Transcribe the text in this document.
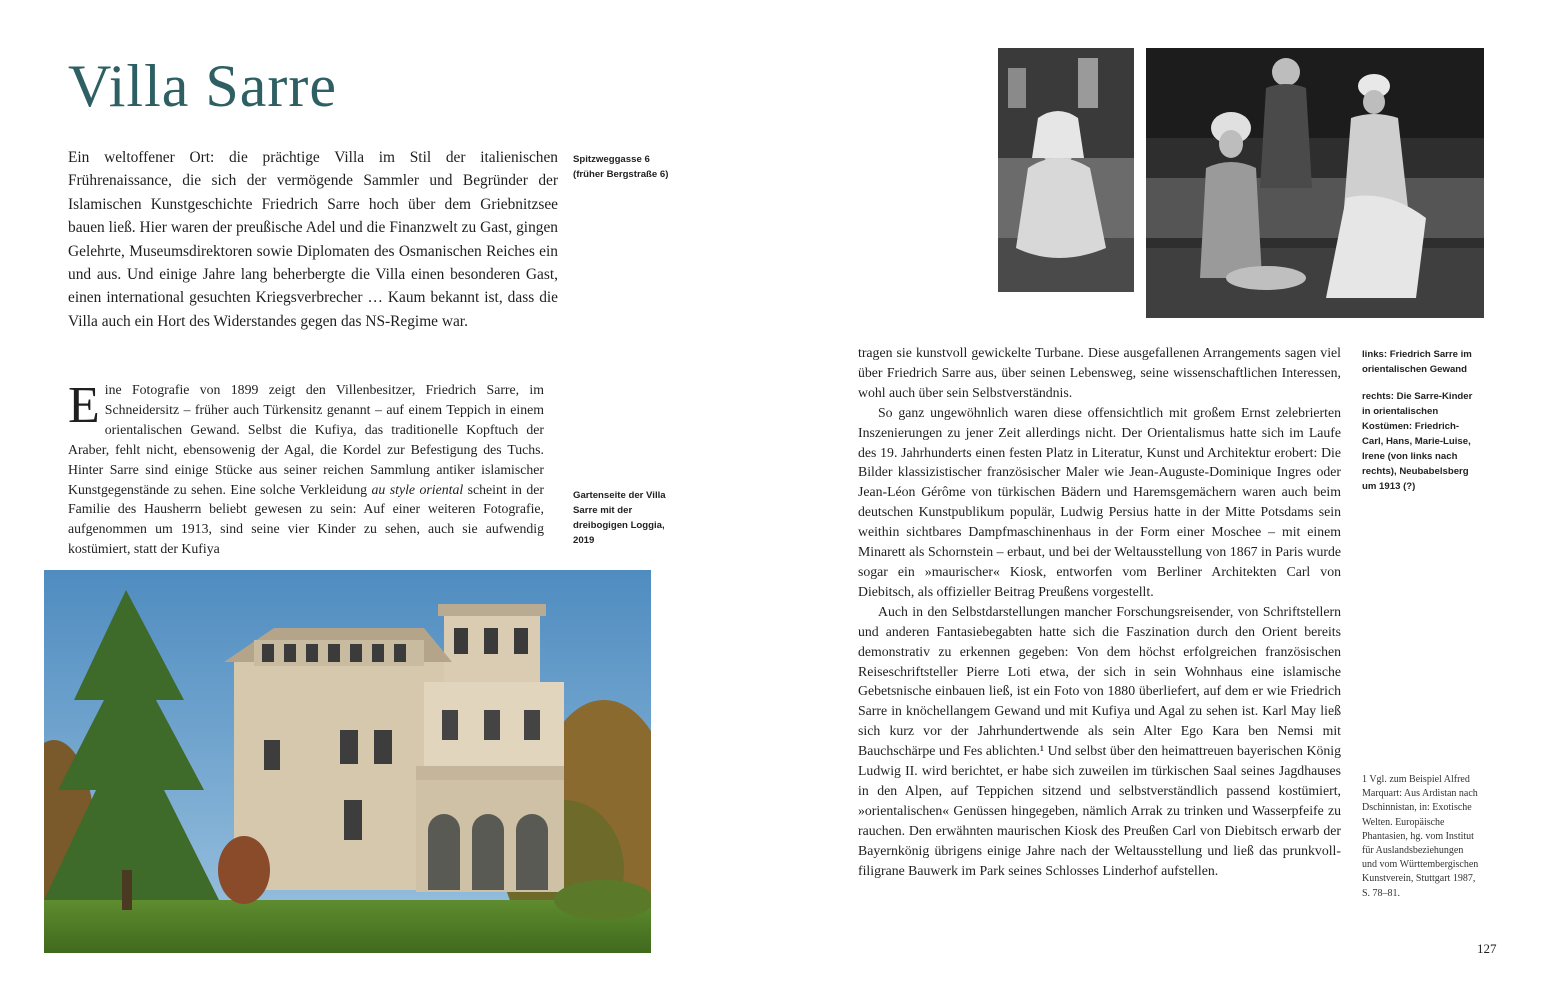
Villa Sarre

Ein weltoffener Ort: die prächtige Villa im Stil der italienischen Frührenaissance, die sich der vermögende Sammler und Begründer der Islamischen Kunstgeschichte Friedrich Sarre hoch über dem Griebnitzsee bauen ließ. Hier waren der preußische Adel und die Finanzwelt zu Gast, gingen Gelehrte, Museumsdirektoren sowie Diplomaten des Osmanischen Reiches ein und aus. Und einige Jahre lang beherbergte die Villa einen besonderen Gast, einen international gesuchten Kriegsverbrecher … Kaum bekannt ist, dass die Villa auch ein Hort des Widerstandes gegen das NS-Regime war.

Spitzweggasse 6
(früher Bergstraße 6)

Eine Fotografie von 1899 zeigt den Villenbesitzer, Friedrich Sarre, im Schneidersitz – früher auch Türkensitz genannt – auf einem Teppich in einem orientalischen Gewand. Selbst die Kufiya, das traditionelle Kopftuch der Araber, fehlt nicht, ebensowenig der Agal, die Kordel zur Befestigung des Tuchs. Hinter Sarre sind einige Stücke aus seiner reichen Sammlung antiker islamischer Kunstgegenstände zu sehen. Eine solche Verkleidung au style oriental scheint in der Familie des Hausherrn beliebt gewesen zu sein: Auf einer weiteren Fotografie, aufgenommen um 1913, sind seine vier Kinder zu sehen, auch sie aufwendig kostümiert, statt der Kufiya

Gartenseite der Villa Sarre mit der dreibogigen Loggia, 2019

links: Friedrich Sarre im orientalischen Gewand

rechts: Die Sarre-Kinder in orientalischen Kostümen: Friedrich-Carl, Hans, Marie-Luise, Irene (von links nach rechts), Neubabelsberg um 1913 (?)

tragen sie kunstvoll gewickelte Turbane. Diese ausgefallenen Arrangements sagen viel über Friedrich Sarre aus, über seinen Lebensweg, seine wissenschaftlichen Interessen, wohl auch über sein Selbstverständnis.

So ganz ungewöhnlich waren diese offensichtlich mit großem Ernst zelebrierten Inszenierungen zu jener Zeit allerdings nicht. Der Orientalismus hatte sich im Laufe des 19. Jahrhunderts einen festen Platz in Literatur, Kunst und Architektur erobert: Die Bilder klassizistischer französischer Maler wie Jean-Auguste-Dominique Ingres oder Jean-Léon Gérôme von türkischen Bädern und Haremsgemächern waren auch beim deutschen Kunstpublikum populär, Ludwig Persius hatte in der Mitte Potsdams sein weithin sichtbares Dampfmaschinenhaus in der Form einer Moschee – mit einem Minarett als Schornstein – erbaut, und bei der Weltausstellung von 1867 in Paris wurde sogar ein »maurischer« Kiosk, entworfen vom Berliner Architekten Carl von Diebitsch, als offizieller Beitrag Preußens vorgestellt.

Auch in den Selbstdarstellungen mancher Forschungsreisender, von Schriftstellern und anderen Fantasiebegabten hatte sich die Faszination durch den Orient bereits demonstrativ zu erkennen gegeben: Von dem höchst erfolgreichen französischen Reiseschriftsteller Pierre Loti etwa, der sich in sein Wohnhaus eine islamische Gebetsnische einbauen ließ, ist ein Foto von 1880 überliefert, auf dem er wie Friedrich Sarre in knöchellangem Gewand und mit Kufiya und Agal zu sehen ist. Karl May ließ sich kurz vor der Jahrhundertwende als sein Alter Ego Kara ben Nemsi mit Bauchschärpe und Fes ablichten.¹ Und selbst über den heimattreuen bayerischen König Ludwig II. wird berichtet, er habe sich zuweilen im türkischen Saal seines Jagdhauses in den Alpen, auf Teppichen sitzend und selbstverständlich passend kostümiert, »orientalischen« Genüssen hingegeben, nämlich Arrak zu trinken und Wasserpfeife zu rauchen. Den erwähnten maurischen Kiosk des Preußen Carl von Diebitsch erwarb der Bayernkönig übrigens einige Jahre nach der Weltausstellung und ließ das prunkvoll-filigrane Bauwerk im Park seines Schlosses Linderhof aufstellen.

1 Vgl. zum Beispiel Alfred Marquart: Aus Ardistan nach Dschinnistan, in: Exotische Welten. Europäische Phantasien, hg. vom Institut für Auslandsbeziehungen und vom Württembergischen Kunstverein, Stuttgart 1987, S. 78–81.
127
